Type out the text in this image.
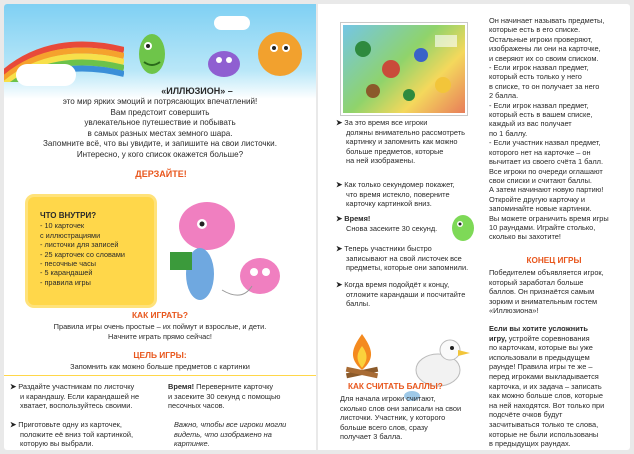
«ИЛЛЮЗИОН» –
это мир ярких эмоций и потрясающих впечатлений!
Вам предстоит совершить
увлекательное путешествие и побывать
в самых разных местах земного шара.
Запомните всё, что вы увидите, и запишите на свои листочки.
Интересно, у кого список окажется больше?
ДЕРЗАЙТЕ!
ЧТО ВНУТРИ?
- 10 карточек
с иллюстрациями
- листочки для записей
- 25 карточек со словами
- песочные часы
- 5 карандашей
- правила игры
КАК ИГРАТЬ?
Правила игры очень простые – их поймут и взрослые, и дети.
Начните играть прямо сейчас!
ЦЕЛЬ ИГРЫ:
Запомнить как можно больше предметов с картинки
➤ Раздайте участникам по листочку
и карандашу. Если карандашей не
хватает, воспользуйтесь своими.
➤ Приготовьте одну из карточек,
положите её вниз той картинкой,
которую вы выбрали.
Время! Переверните карточку
и засеките 30 секунд с помощью
песочных часов.
Важно, чтобы все игроки могли
видеть, что изображено на
картинке.
➤ За это время все игроки
должны внимательно рассмотреть
картинку и запомнить как можно
больше предметов, которые
на ней изображены.
➤ Как только секундомер покажет,
что время истекло, поверните
карточку картинкой вниз.
➤ Время!
Снова засеките 30 секунд.
➤ Теперь участники быстро
записывают на свой листочек все
предметы, которые они запомнили.
➤ Когда время подойдёт к концу,
отложите карандаши и посчитайте
баллы.
КАК СЧИТАТЬ БАЛЛЫ?
Для начала игроки считают,
сколько слов они записали на свои
листочки. Участник, у которого
больше всего слов, сразу
получает 3 балла.
Он начинает называть предметы,
которые есть в его списке.
Остальные игроки проверяют,
изображены ли они на карточке,
и сверяют их со своим списком.
- Если игрок назвал предмет,
который есть только у него
в списке, то он получает за него
2 балла.
- Если игрок назвал предмет,
который есть в вашем списке,
каждый из вас получает
по 1 баллу.
- Если участник назвал предмет,
которого нет на карточке – он
вычитает из своего счёта 1 балл.
Все игроки по очереди оглашают
свои списки и считают баллы.
А затем начинают новую партию!
Откройте другую карточку и
запоминайте новые картинки.
Вы можете ограничить время игры
10 раундами. Играйте столько,
сколько вы захотите!
КОНЕЦ ИГРЫ
Победителем объявляется игрок,
который заработал больше
баллов. Он признаётся самым
зорким и внимательным гостем
«Иллюзиона»!
Если вы хотите усложнить
игру, устройте соревнования
по карточкам, которые вы уже
использовали в предыдущем
раунде! Правила игры те же –
перед игроками выкладывается
карточка, и их задача – записать
как можно больше слов, которые
на ней находятся. Вот только при
подсчёте очков будут
засчитываться только те слова,
которые не были использованы
в предыдущих раундах.
